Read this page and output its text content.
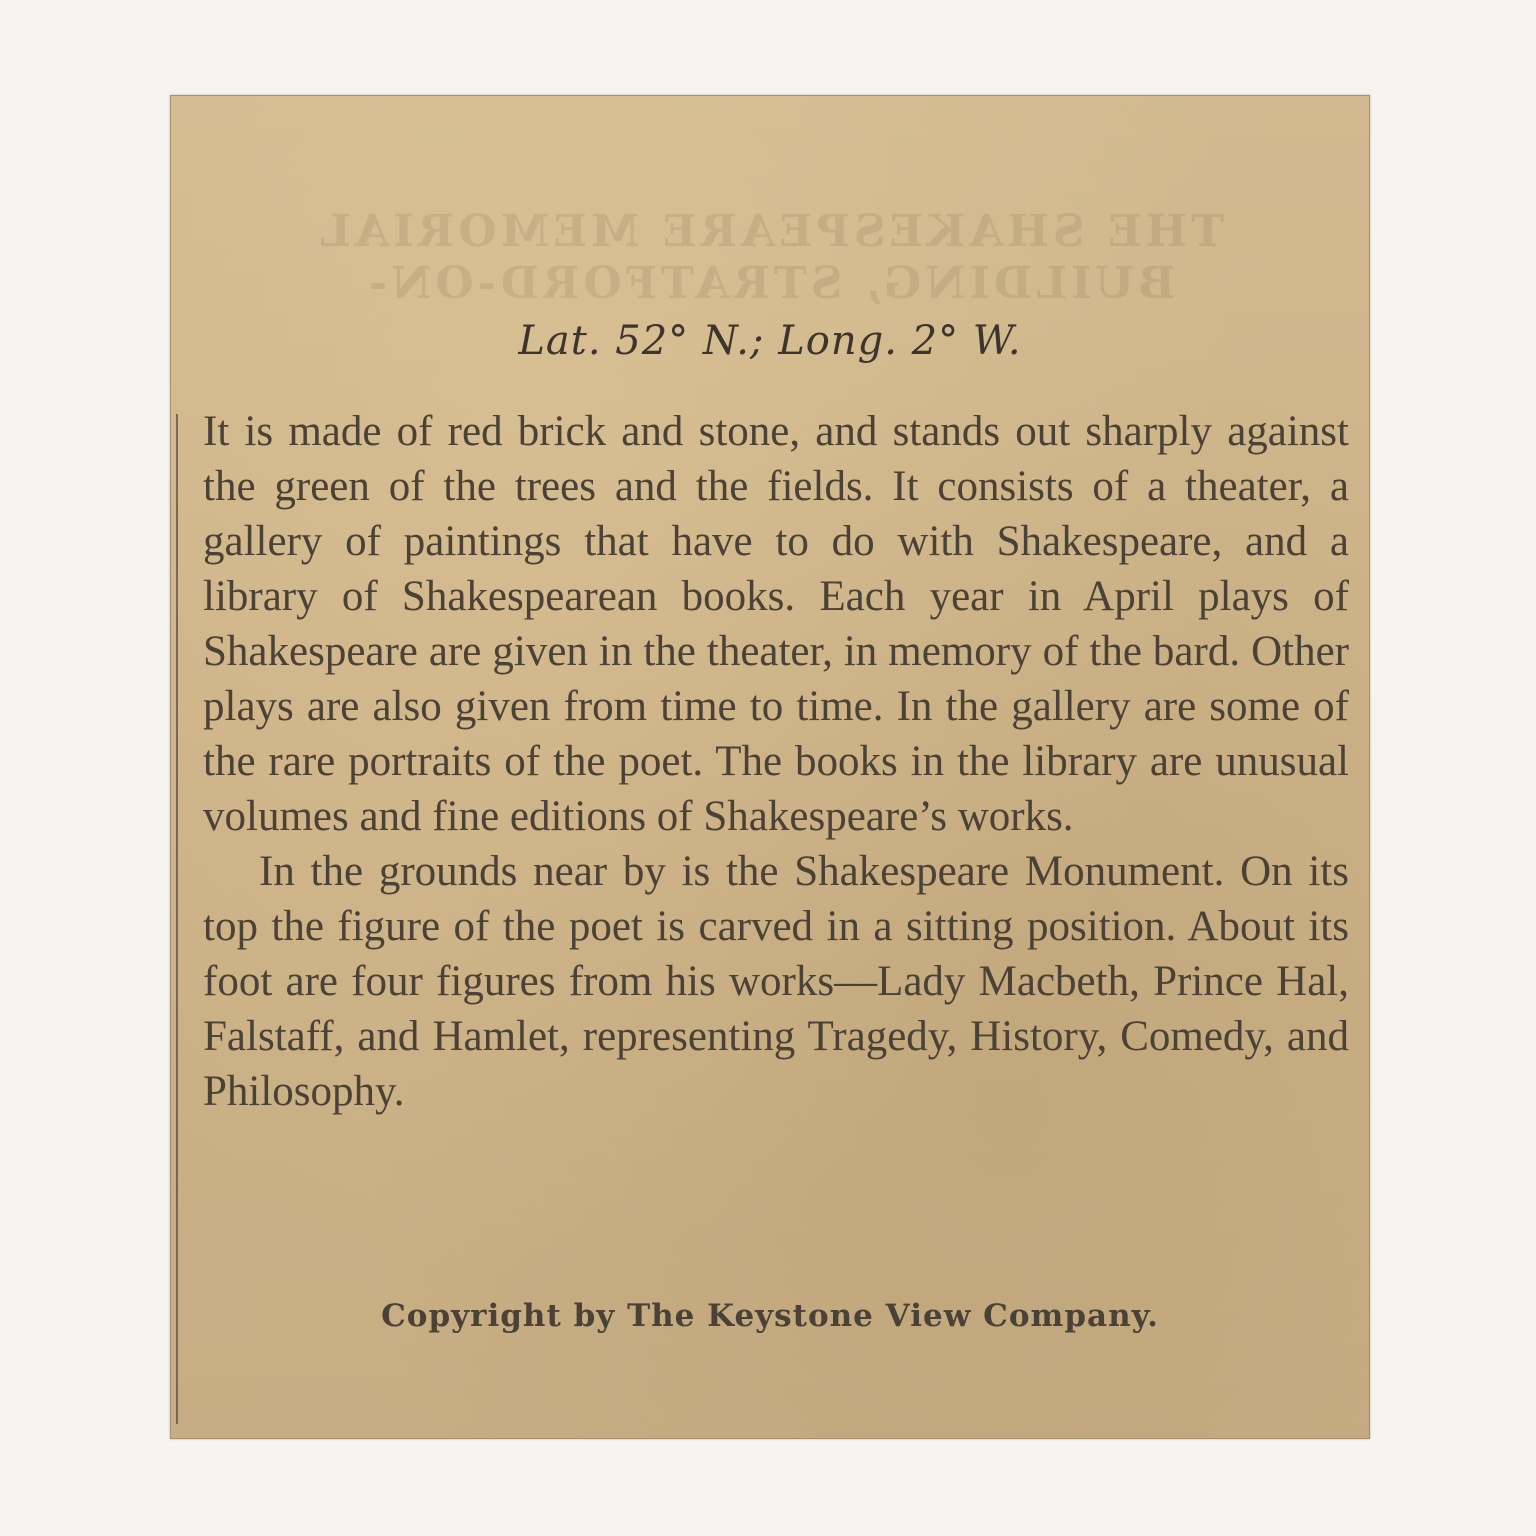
THE SHAKESPEARE MEMORIAL
BUILDING, STRATFORD-ON-
Lat. 52° N.; Long. 2° W.

It is made of red brick and stone, and stands out sharply against the green of the trees and the fields. It consists of a theater, a gallery of paintings that have to do with Shakespeare, and a library of Shakespearean books. Each year in April plays of Shakespeare are given in the theater, in memory of the bard. Other plays are also given from time to time. In the gallery are some of the rare portraits of the poet. The books in the library are unusual volumes and fine editions of Shakespeare’s works.

In the grounds near by is the Shakespeare Monument. On its top the figure of the poet is carved in a sitting position. About its foot are four figures from his works—Lady Macbeth, Prince Hal, Falstaff, and Hamlet, representing Tragedy, History, Comedy, and Philosophy.

Copyright by The Keystone View Company.
